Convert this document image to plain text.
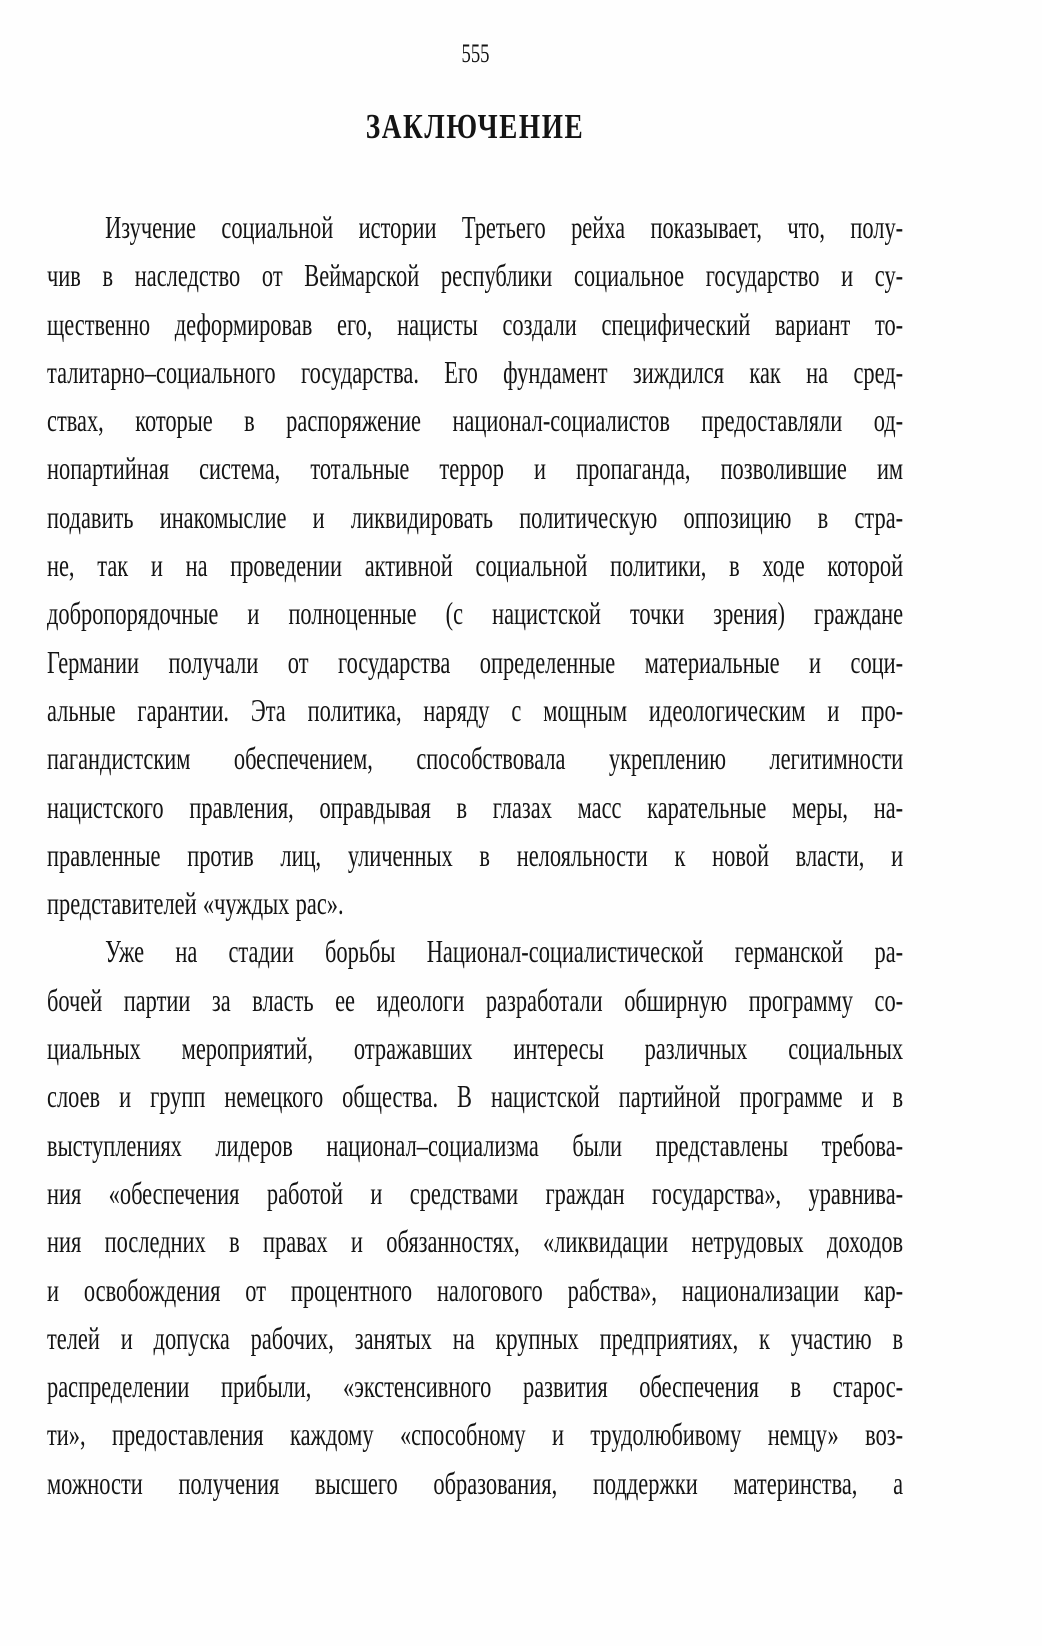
555
ЗАКЛЮЧЕНИЕ
Изучение социальной истории Третьего рейха показывает, что, полу-
чив в наследство от Веймарской республики социальное государство и су-
щественно деформировав его, нацисты создали специфический вариант то-
талитарно–социального государства. Его фундамент зиждился как на сред-
ствах, которые в распоряжение национал-социалистов предоставляли од-
нопартийная система, тотальные террор и пропаганда, позволившие им
подавить инакомыслие и ликвидировать политическую оппозицию в стра-
не, так и на проведении активной социальной политики, в ходе которой
добропорядочные и полноценные (с нацистской точки зрения) граждане
Германии получали от государства определенные материальные и соци-
альные гарантии. Эта политика, наряду с мощным идеологическим и про-
пагандистским обеспечением, способствовала укреплению легитимности
нацистского правления, оправдывая в глазах масс карательные меры, на-
правленные против лиц, уличенных в нелояльности к новой власти, и
представителей «чуждых рас».
Уже на стадии борьбы Национал-социалистической германской ра-
бочей партии за власть ее идеологи разработали обширную программу со-
циальных мероприятий, отражавших интересы различных социальных
слоев и групп немецкого общества. В нацистской партийной программе и в
выступлениях лидеров национал–социализма были представлены требова-
ния «обеспечения работой и средствами граждан государства», уравнива-
ния последних в правах и обязанностях, «ликвидации нетрудовых доходов
и освобождения от процентного налогового рабства», национализации кар-
телей и допуска рабочих, занятых на крупных предприятиях, к участию в
распределении прибыли, «экстенсивного развития обеспечения в старос-
ти», предоставления каждому «способному и трудолюбивому немцу» воз-
можности получения высшего образования, поддержки материнства, а
